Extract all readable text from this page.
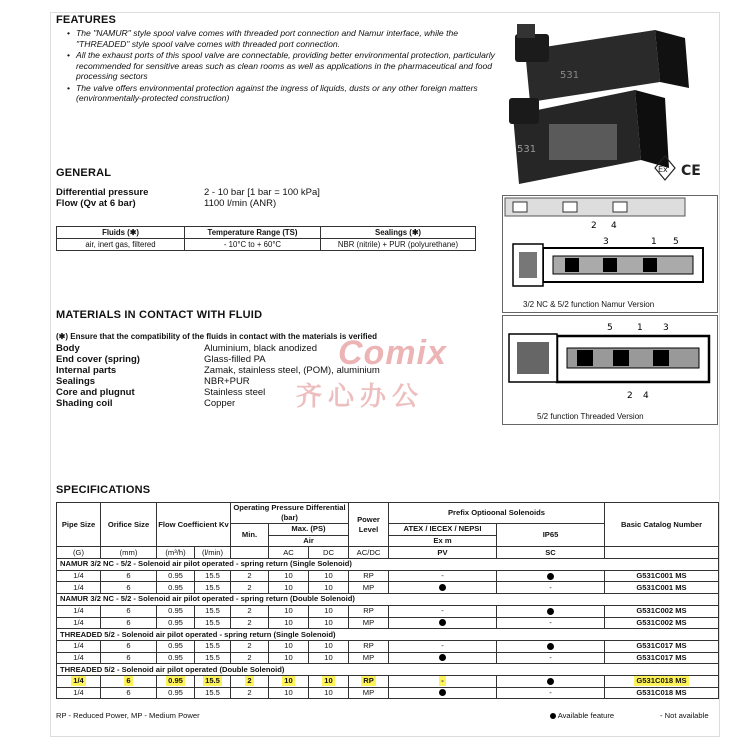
FEATURES
• The "NAMUR" style spool valve comes with threaded port connection and Namur interface, while the "THREADED" style spool valve comes with threaded port connection.
• All the exhaust ports of this spool valve are connectable, providing better environmental protection, particularly recommended for sensitive areas such as clean rooms as well as applications in the pharmaceutical and food processing sectors
• The valve offers environmental protection against the ingress of liquids, dusts or any other foreign matters (environmentally-protected construction)
531
531
Ex CE
GENERAL
Differential pressure	2 - 10 bar [1 bar = 100 kPa]
Flow (Qv at 6 bar)	1100 l/min (ANR)
Fluids (✱)	Temperature Range (TS)	Sealings (✱)
air, inert gas, filtered	- 10°C to + 60°C	NBR (nitrile) + PUR (polyurethane)
2 4
3	1 5
3/2 NC & 5/2 function Namur Version
MATERIALS IN CONTACT WITH FLUID
(✱) Ensure that the compatibility of the fluids in contact with the materials is verified
Body	Aluminium, black anodized
End cover (spring)	Glass-filled PA
Internal parts	Zamak, stainless steel, (POM), aluminium
Sealings	NBR+PUR
Core and plugnut	Stainless steel
Shading coil	Copper
5	1 3
2 4
5/2 function Threaded Version
Comix
齐心办公
SPECIFICATIONS
Pipe Size	Orifice Size	Flow Coefficient Kv		Operating Pressure Differential (bar)			Power Level	Prefix Optioonal Solenoids		Basic Catalog Number
				Min.	Max. (PS)			ATEX / IECEX / NEPSI	IP65	
					Air			Ex m		
(G)	(mm)	(m³/h)	(l/min)		AC	DC	AC/DC	PV	SC	
NAMUR 3/2 NC - 5/2 - Solenoid air pilot operated - spring return (Single Solenoid)										
1/4	6	0.95	15.5	2	10	10	RP	-		G531C001 MS
1/4	6	0.95	15.5	2	10	10	MP		-	G531C001 MS
NAMUR 3/2 NC - 5/2 - Solenoid air pilot operated - spring return (Double Solenoid)										
1/4	6	0.95	15.5	2	10	10	RP	-		G531C002 MS
1/4	6	0.95	15.5	2	10	10	MP		-	G531C002 MS
THREADED 5/2 - Solenoid air pilot operated - spring return (Single Solenoid)										
1/4	6	0.95	15.5	2	10	10	RP	-		G531C017 MS
1/4	6	0.95	15.5	2	10	10	MP		-	G531C017 MS
THREADED 5/2 - Solenoid air pilot operated (Double Solenoid)										
1/4	6	0.95	15.5	2	10	10	RP	-		G531C018 MS
1/4	6	0.95	15.5	2	10	10	MP		-	G531C018 MS
RP - Reduced Power, MP - Medium Power	Available feature	- Not available
